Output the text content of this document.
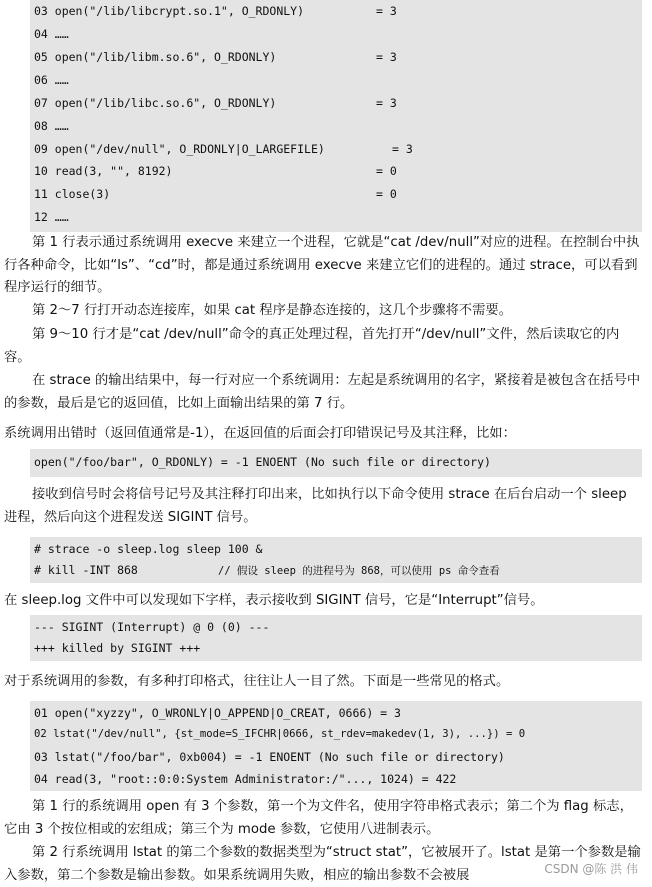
03 open("/lib/libcrypt.so.1", O_RDONLY)	= 3
04 ……
05 open("/lib/libm.so.6", O_RDONLY)	= 3
06 ……
07 open("/lib/libc.so.6", O_RDONLY)	= 3
08 ……
09 open("/dev/null", O_RDONLY|O_LARGEFILE)	= 3
10 read(3, "", 8192)	= 0
11 close(3)	= 0
12 ……

第 1 行表示通过系统调用 execve 来建立一个进程，它就是“cat /dev/null”对应的进程。在控制台中执行各种命令，比如“ls”、“cd”时，都是通过系统调用 execve 来建立它们的进程的。通过 strace，可以看到程序运行的细节。

第 2～7 行打开动态连接库，如果 cat 程序是静态连接的，这几个步骤将不需要。

第 9～10 行才是“cat /dev/null”命令的真正处理过程，首先打开“/dev/null”文件，然后读取它的内容。

在 strace 的输出结果中，每一行对应一个系统调用：左起是系统调用的名字，紧接着是被包含在括号中的参数，最后是它的返回值，比如上面输出结果的第 7 行。

系统调用出错时（返回值通常是-1），在返回值的后面会打印错误记号及其注释，比如：
open("/foo/bar", O_RDONLY) = -1 ENOENT (No such file or directory)

接收到信号时会将信号记号及其注释打印出来，比如执行以下命令使用 strace 在后台启动一个 sleep 进程，然后向这个进程发送 SIGINT 信号。

# strace -o sleep.log sleep 100 &
# kill -INT 868	// 假设 sleep 的进程号为 868，可以使用 ps 命令查看
在 sleep.log 文件中可以发现如下字样，表示接收到 SIGINT 信号，它是“Interrupt”信号。
--- SIGINT (Interrupt) @ 0 (0) ---
+++ killed by SIGINT +++
对于系统调用的参数，有多种打印格式，往往让人一目了然。下面是一些常见的格式。
01 open("xyzzy", O_WRONLY|O_APPEND|O_CREAT, 0666) = 3
02 lstat("/dev/null", {st_mode=S_IFCHR|0666, st_rdev=makedev(1, 3), ...}) = 0
03 lstat("/foo/bar", 0xb004) = -1 ENOENT (No such file or directory)
04 read(3, "root::0:0:System Administrator:/"..., 1024) = 422

第 1 行的系统调用 open 有 3 个参数，第一个为文件名，使用字符串格式表示；第二个为 flag 标志，它由 3 个按位相或的宏组成；第三个为 mode 参数，它使用八进制表示。

第 2 行系统调用 lstat 的第二个参数的数据类型为“struct stat”，它被展开了。lstat 是第一个参数是输入参数，第二个参数是输出参数。如果系统调用失败，相应的输出参数不会被展	CSDN @陈 洪 伟
